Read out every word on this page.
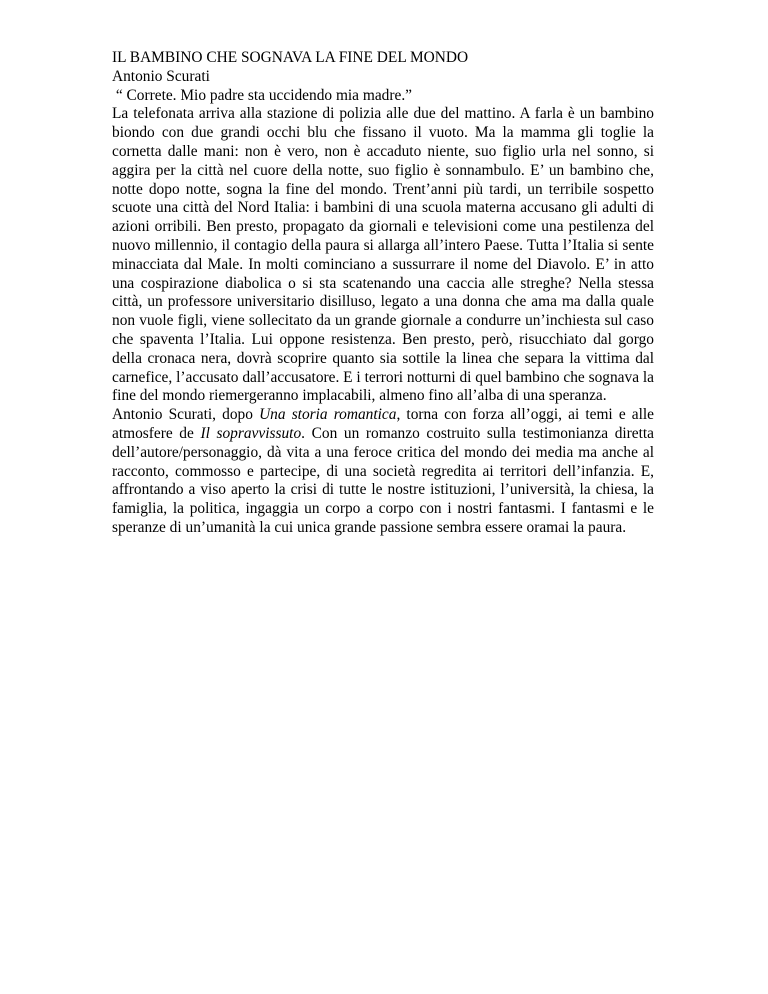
IL BAMBINO CHE SOGNAVA LA FINE DEL MONDO
Antonio Scurati
“ Correte. Mio padre sta uccidendo mia madre.”
La telefonata arriva alla stazione di polizia alle due del mattino. A farla è un bambino biondo con due grandi occhi blu che fissano il vuoto. Ma la mamma gli toglie la cornetta dalle mani: non è vero, non è accaduto niente, suo figlio urla nel sonno, si aggira per la città nel cuore della notte, suo figlio è sonnambulo. E’ un bambino che, notte dopo notte, sogna la fine del mondo. Trent’anni più tardi, un terribile sospetto scuote una città del Nord Italia: i bambini di una scuola materna accusano gli adulti di azioni orribili. Ben presto, propagato da giornali e televisioni come una pestilenza del nuovo millennio, il contagio della paura si allarga all’intero Paese. Tutta l’Italia si sente minacciata dal Male. In molti cominciano a sussurrare il nome del Diavolo. E’ in atto una cospirazione diabolica o si sta scatenando una caccia alle streghe? Nella stessa città, un professore universitario disilluso, legato a una donna che ama ma dalla quale non vuole figli, viene sollecitato da un grande giornale a condurre un’inchiesta sul caso che spaventa l’Italia. Lui oppone resistenza. Ben presto, però, risucchiato dal gorgo della cronaca nera, dovrà scoprire quanto sia sottile la linea che separa la vittima dal carnefice, l’accusato dall’accusatore. E i terrori notturni di quel bambino che sognava la fine del mondo riemergeranno implacabili, almeno fino all’alba di una speranza.
Antonio Scurati, dopo Una storia romantica, torna con forza all’oggi, ai temi e alle atmosfere de Il sopravvissuto. Con un romanzo costruito sulla testimonianza diretta dell’autore/personaggio, dà vita a una feroce critica del mondo dei media ma anche al racconto, commosso e partecipe, di una società regredita ai territori dell’infanzia. E, affrontando a viso aperto la crisi di tutte le nostre istituzioni, l’università, la chiesa, la famiglia, la politica, ingaggia un corpo a corpo con i nostri fantasmi. I fantasmi e le speranze di un’umanità la cui unica grande passione sembra essere oramai la paura.
